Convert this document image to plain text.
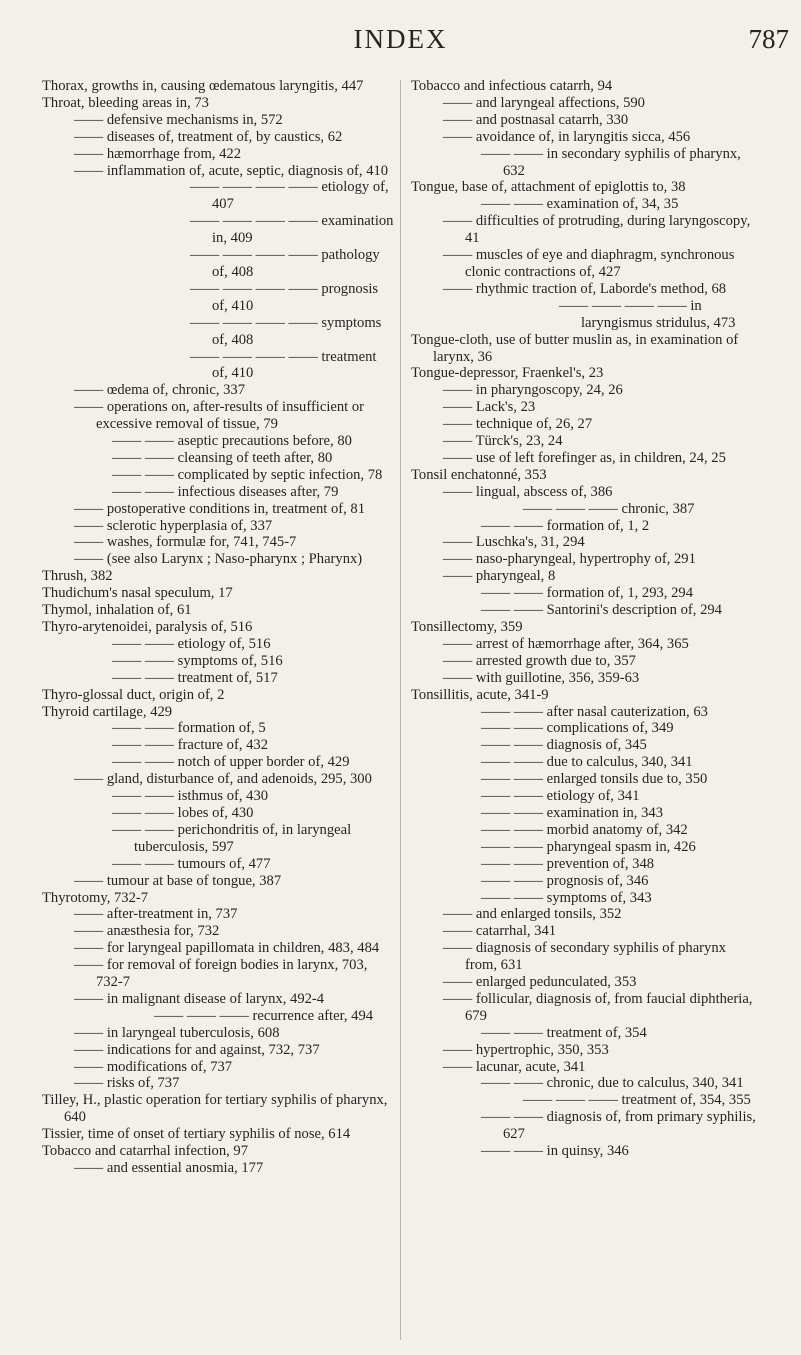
INDEX	787

Thorax, growths in, causing œdematous laryngitis, 447

Throat, bleeding areas in, 73

—— defensive mechanisms in, 572

—— diseases of, treatment of, by caustics, 62

—— hæmorrhage from, 422

—— inflammation of, acute, septic, diagnosis of, 410

—— —— —— —— etiology of, 407

—— —— —— —— examination in, 409

—— —— —— —— pathology of, 408

—— —— —— —— prognosis of, 410

—— —— —— —— symptoms of, 408

—— —— —— —— treatment of, 410

—— œdema of, chronic, 337

—— operations on, after-results of insufficient or excessive removal of tissue, 79

—— —— aseptic precautions before, 80

—— —— cleansing of teeth after, 80

—— —— complicated by septic infection, 78

—— —— infectious diseases after, 79

—— postoperative conditions in, treatment of, 81

—— sclerotic hyperplasia of, 337

—— washes, formulæ for, 741, 745-7

—— (see also Larynx ; Naso-pharynx ; Pharynx)

Thrush, 382

Thudichum's nasal speculum, 17

Thymol, inhalation of, 61

Thyro-arytenoidei, paralysis of, 516

—— —— etiology of, 516

—— —— symptoms of, 516

—— —— treatment of, 517

Thyro-glossal duct, origin of, 2

Thyroid cartilage, 429

—— —— formation of, 5

—— —— fracture of, 432

—— —— notch of upper border of, 429

—— gland, disturbance of, and adenoids, 295, 300

—— —— isthmus of, 430

—— —— lobes of, 430

—— —— perichondritis of, in laryngeal tuberculosis, 597

—— —— tumours of, 477

—— tumour at base of tongue, 387

Thyrotomy, 732-7

—— after-treatment in, 737

—— anæsthesia for, 732

—— for laryngeal papillomata in children, 483, 484

—— for removal of foreign bodies in larynx, 703, 732-7

—— in malignant disease of larynx, 492-4

—— —— —— recurrence after, 494

—— in laryngeal tuberculosis, 608

—— indications for and against, 732, 737

—— modifications of, 737

—— risks of, 737

Tilley, H., plastic operation for tertiary syphilis of pharynx, 640

Tissier, time of onset of tertiary syphilis of nose, 614

Tobacco and catarrhal infection, 97

—— and essential anosmia, 177

Tobacco and infectious catarrh, 94

—— and laryngeal affections, 590

—— and postnasal catarrh, 330

—— avoidance of, in laryngitis sicca, 456

—— —— in secondary syphilis of pharynx, 632

Tongue, base of, attachment of epiglottis to, 38

—— —— examination of, 34, 35

—— difficulties of protruding, during laryngoscopy, 41

—— muscles of eye and diaphragm, synchronous clonic contractions of, 427

—— rhythmic traction of, Laborde's method, 68

—— —— —— —— in laryngismus stridulus, 473

Tongue-cloth, use of butter muslin as, in examination of larynx, 36

Tongue-depressor, Fraenkel's, 23

—— in pharyngoscopy, 24, 26

—— Lack's, 23

—— technique of, 26, 27

—— Türck's, 23, 24

—— use of left forefinger as, in children, 24, 25

Tonsil enchatonné, 353

—— lingual, abscess of, 386

—— —— —— chronic, 387

—— —— formation of, 1, 2

—— Luschka's, 31, 294

—— naso-pharyngeal, hypertrophy of, 291

—— pharyngeal, 8

—— —— formation of, 1, 293, 294

—— —— Santorini's description of, 294

Tonsillectomy, 359

—— arrest of hæmorrhage after, 364, 365

—— arrested growth due to, 357

—— with guillotine, 356, 359-63

Tonsillitis, acute, 341-9

—— —— after nasal cauterization, 63

—— —— complications of, 349

—— —— diagnosis of, 345

—— —— due to calculus, 340, 341

—— —— enlarged tonsils due to, 350

—— —— etiology of, 341

—— —— examination in, 343

—— —— morbid anatomy of, 342

—— —— pharyngeal spasm in, 426

—— —— prevention of, 348

—— —— prognosis of, 346

—— —— symptoms of, 343

—— and enlarged tonsils, 352

—— catarrhal, 341

—— diagnosis of secondary syphilis of pharynx from, 631

—— enlarged pedunculated, 353

—— follicular, diagnosis of, from faucial diphtheria, 679

—— —— treatment of, 354

—— hypertrophic, 350, 353

—— lacunar, acute, 341

—— —— chronic, due to calculus, 340, 341

—— —— —— treatment of, 354, 355

—— —— diagnosis of, from primary syphilis, 627

—— —— in quinsy, 346
